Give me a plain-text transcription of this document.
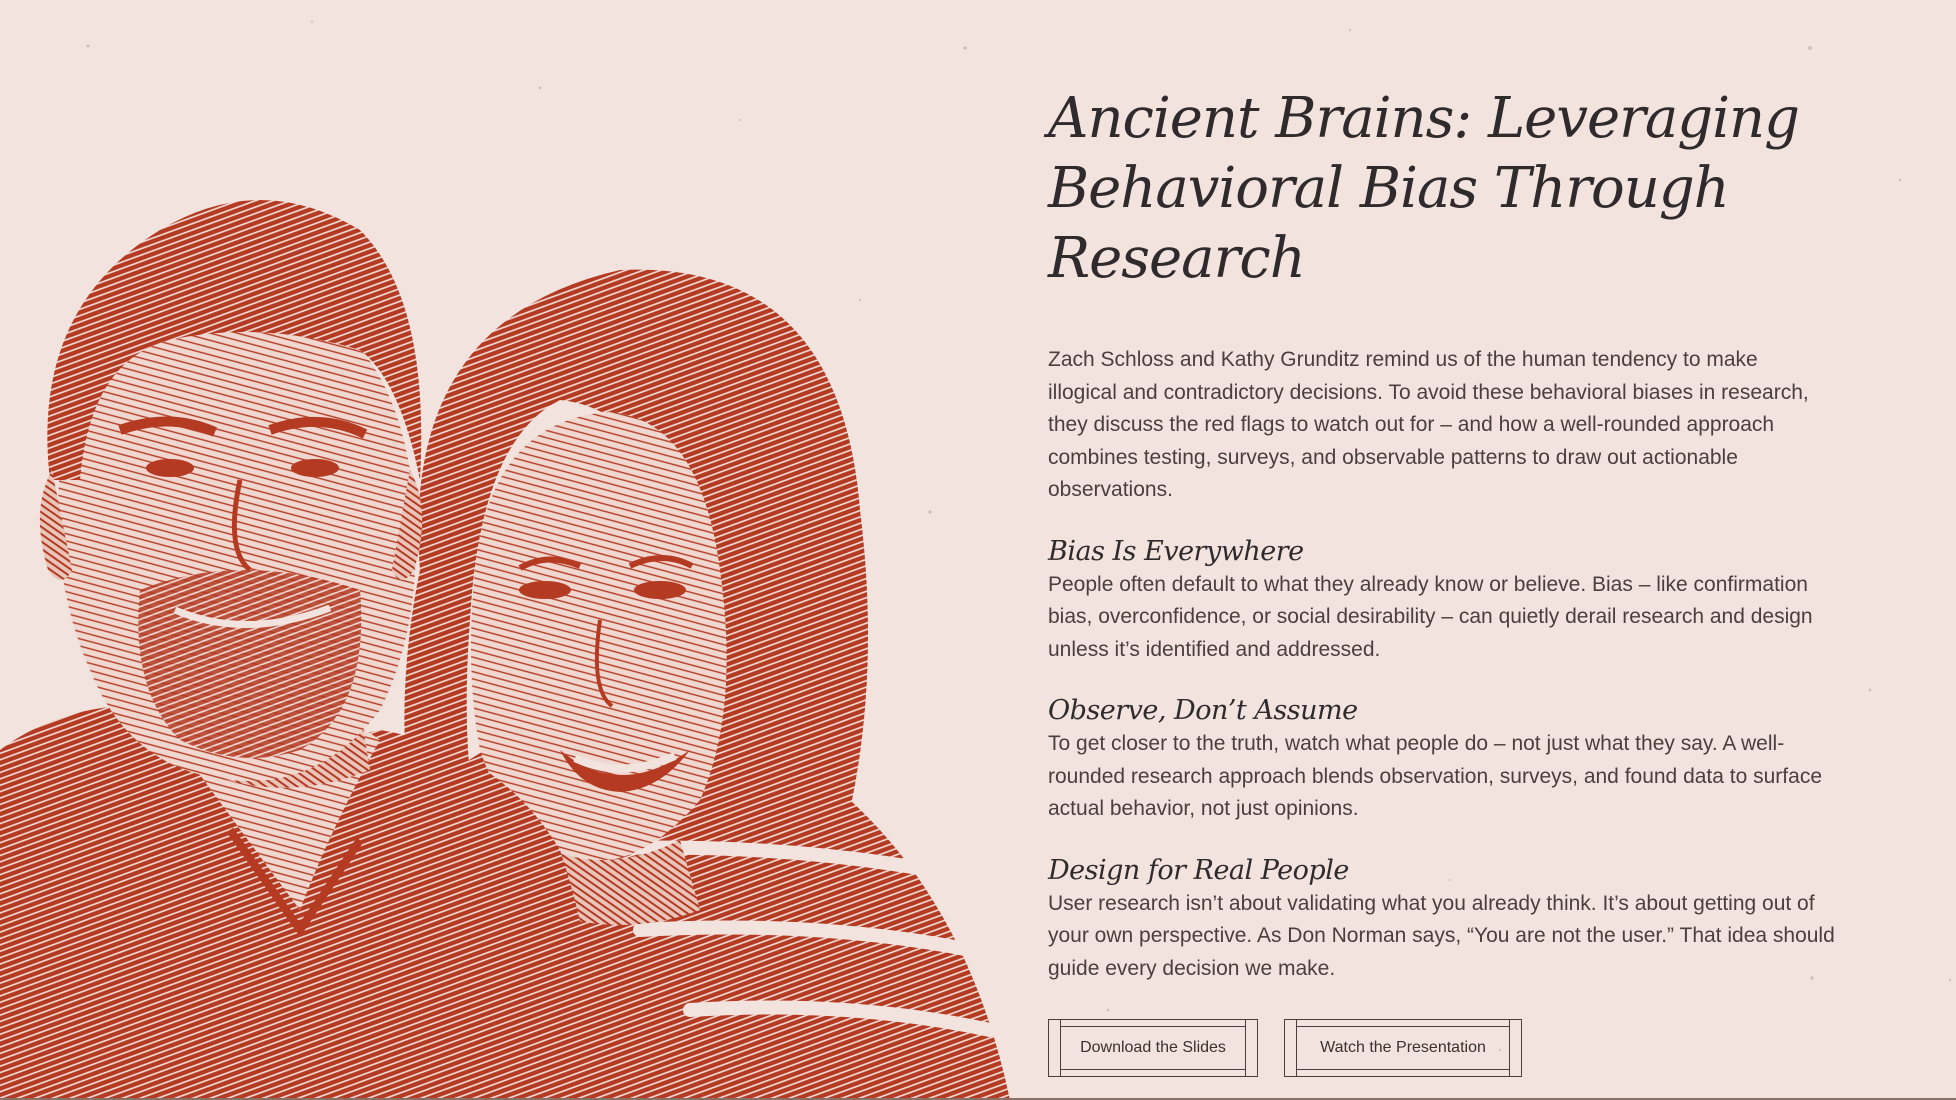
Ancient Brains: Leveraging
Behavioral Bias Through Research

Zach Schloss and Kathy Grunditz remind us of the human tendency to make illogical and contradictory decisions. To avoid these behavioral biases in research, they discuss the red flags to watch out for – and how a well-rounded approach combines testing, surveys, and observable patterns to draw out actionable observations.

Bias Is Everywhere

People often default to what they already know or believe. Bias – like confirmation bias, overconfidence, or social desirability – can quietly derail research and design unless it’s identified and addressed.

Observe, Don’t Assume

To get closer to the truth, watch what people do – not just what they say. A well-rounded research approach blends observation, surveys, and found data to surface actual behavior, not just opinions.

Design for Real People

User research isn’t about validating what you already think. It’s about getting out of your own perspective. As Don Norman says, “You are not the user.” That idea should guide every decision we make.

Download the Slides	Watch the Presentation
